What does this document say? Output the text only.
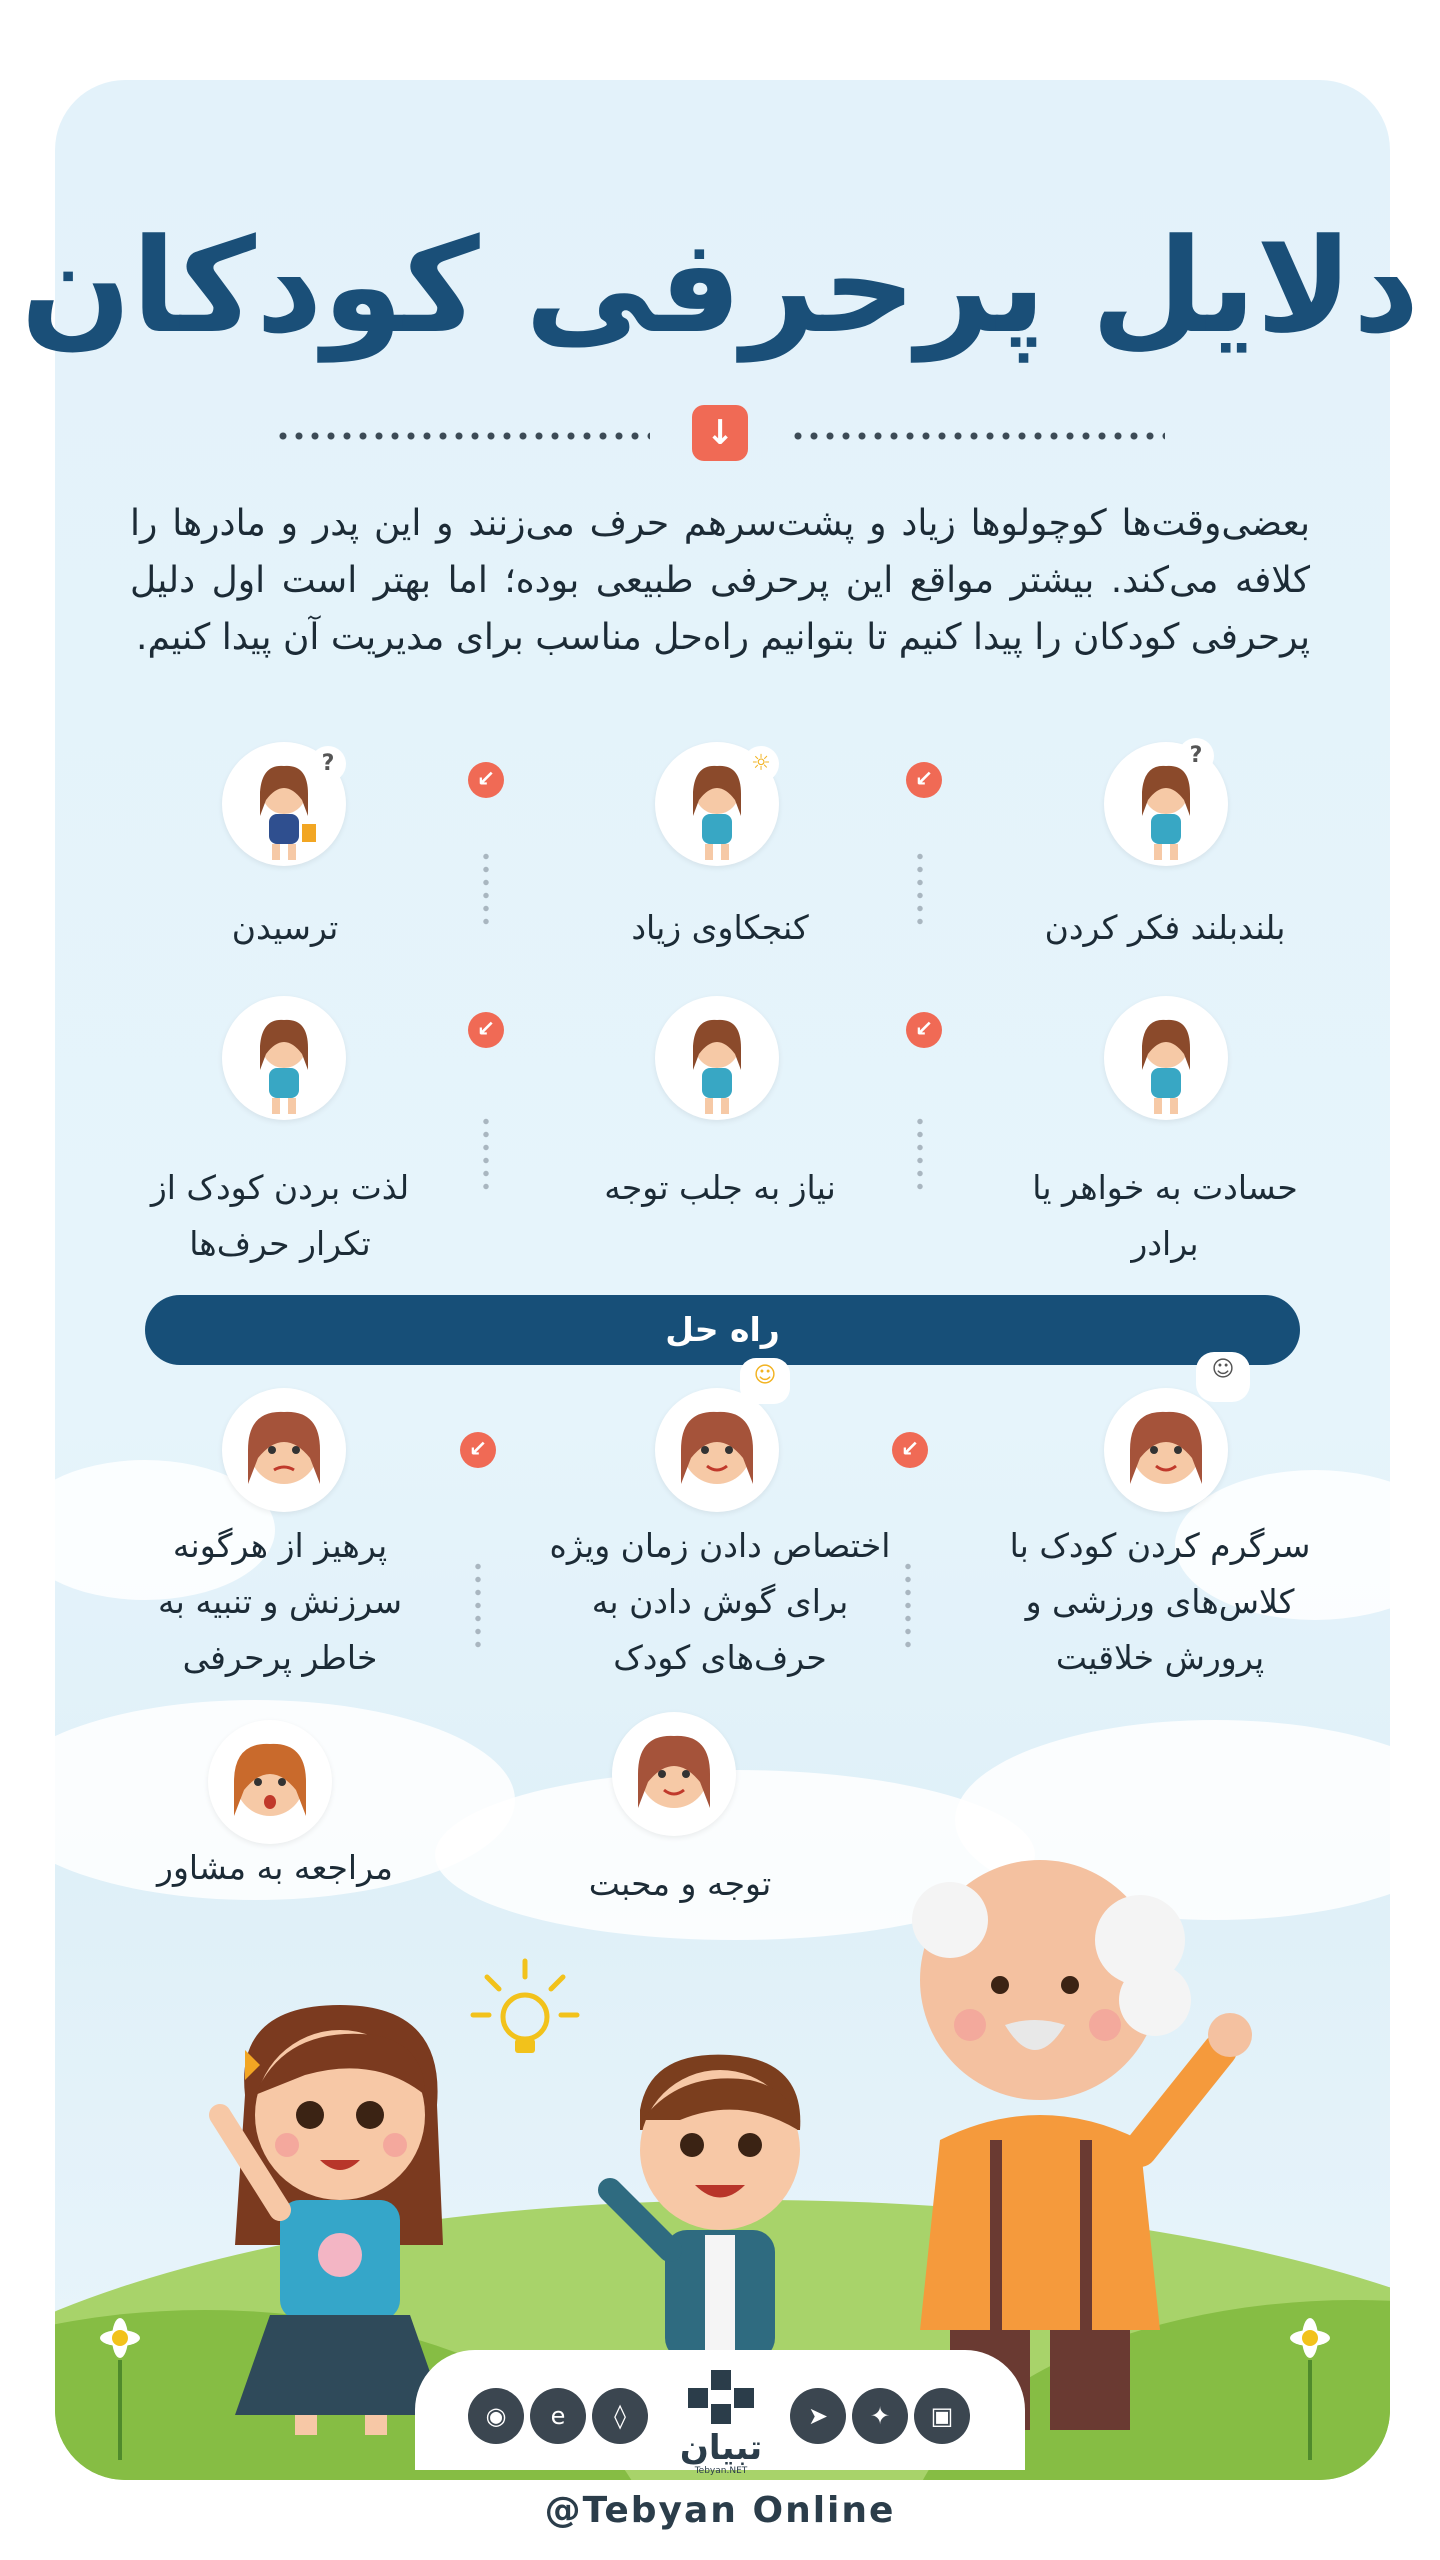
دلایل پرحرفی کودکان
↓
بعضی‌وقت‌ها کوچولوها زیاد و پشت‌سرهم حرف می‌زنند و این پدر و مادرها را کلافه می‌کند. بیشتر مواقع این پرحرفی طبیعی بوده؛ اما بهتر است اول دلیل پرحرفی کودکان را پیدا کنیم تا بتوانیم راه‌حل مناسب برای مدیریت آن پیدا کنیم.
?
بلندبلند فکر کردن
↙
☼
کنجکاوی زیاد
↙
?
ترسیدن
حسادت به خواهر یا برادر
↙
نیاز به جلب توجه
↙
لذت بردن کودک از تکرار حرف‌ها
راه حل
☺
سرگرم کردن کودک با کلاس‌های ورزشی و پرورش خلاقیت
↙
☺
اختصاص دادن زمان ویژه برای گوش دادن به حرف‌های کودک
↙
پرهیز از هرگونه سرزنش و تنبیه به خاطر پرحرفی
توجه و محبت
مراجعه به مشاور
◉	e	◊
تبیان
Tebyan.NET
➤	✦	▣
@Tebyan Online
